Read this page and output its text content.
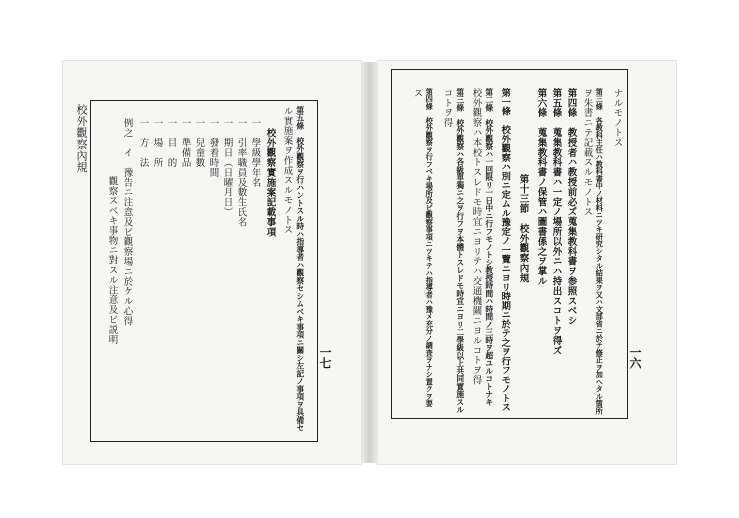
校外觀察內規
一七
第五條　校外觀察ヲ行ハントスル時ハ指導者ハ觀察セシムベキ事項ニ關シ左記ノ事項ヲ具備セ
ル實施案ヲ作成スルモノトス
校外觀察實施案記載事項
一　學級學年名
一　引率職員及數生氏名
一　期日（日曜月日）
一　發着時間
一　兒童數
一　準備品
一　目　的
一　場　所
一　方　法
例之　イ　豫告ニ注意及ビ觀察場ニ於ケル心得
觀察スベキ事物ニ對スル注意及ビ説明
一六
ナルモノトス
第三條　各教科主任ハ教科書中ノ材料ニツキ研究シタル結果ヲ又ハ文部省ニ於テ修正ヲ加ヘタル箇所
ヲ朱書ニテ記載スルモノトス
第四條　教授者ハ教授前必ズ蒐集教科書ヲ参照スベシ
第五條　蒐集教科書ハ一定ノ場所以外ニハ持出スコトヲ得ズ
第六條　蒐集教科書ノ保管ハ圖書係之ヲ掌ル
第十三節　校外觀察內規
第一條　校外觀察ハ別ニ定ムル豫定ノ一覽ニヨリ時期ニ於テ之ヲ行フモノトス
第二條　校外觀察ハ一回限リ一日中ニ行フモノトシ教授時間ハ時間ノ三時ヲ超ユルコトナキ
校外觀察ハ本校トスレドモ時宜ニヨリテハ交通機關ニヨルコトヲ得
第三條　校外觀察ハ各級單獨ニ之ヲ行フヲ本體トスレドモ時宜ニヨリ二學級以上共同實施スル
コトヲ得
第四條　校外觀察ヲ行フベキ場所及ビ觀察事項ニツキテハ指導者ハ豫メ充分ノ調査ヲナシ置クヲ要
ス
